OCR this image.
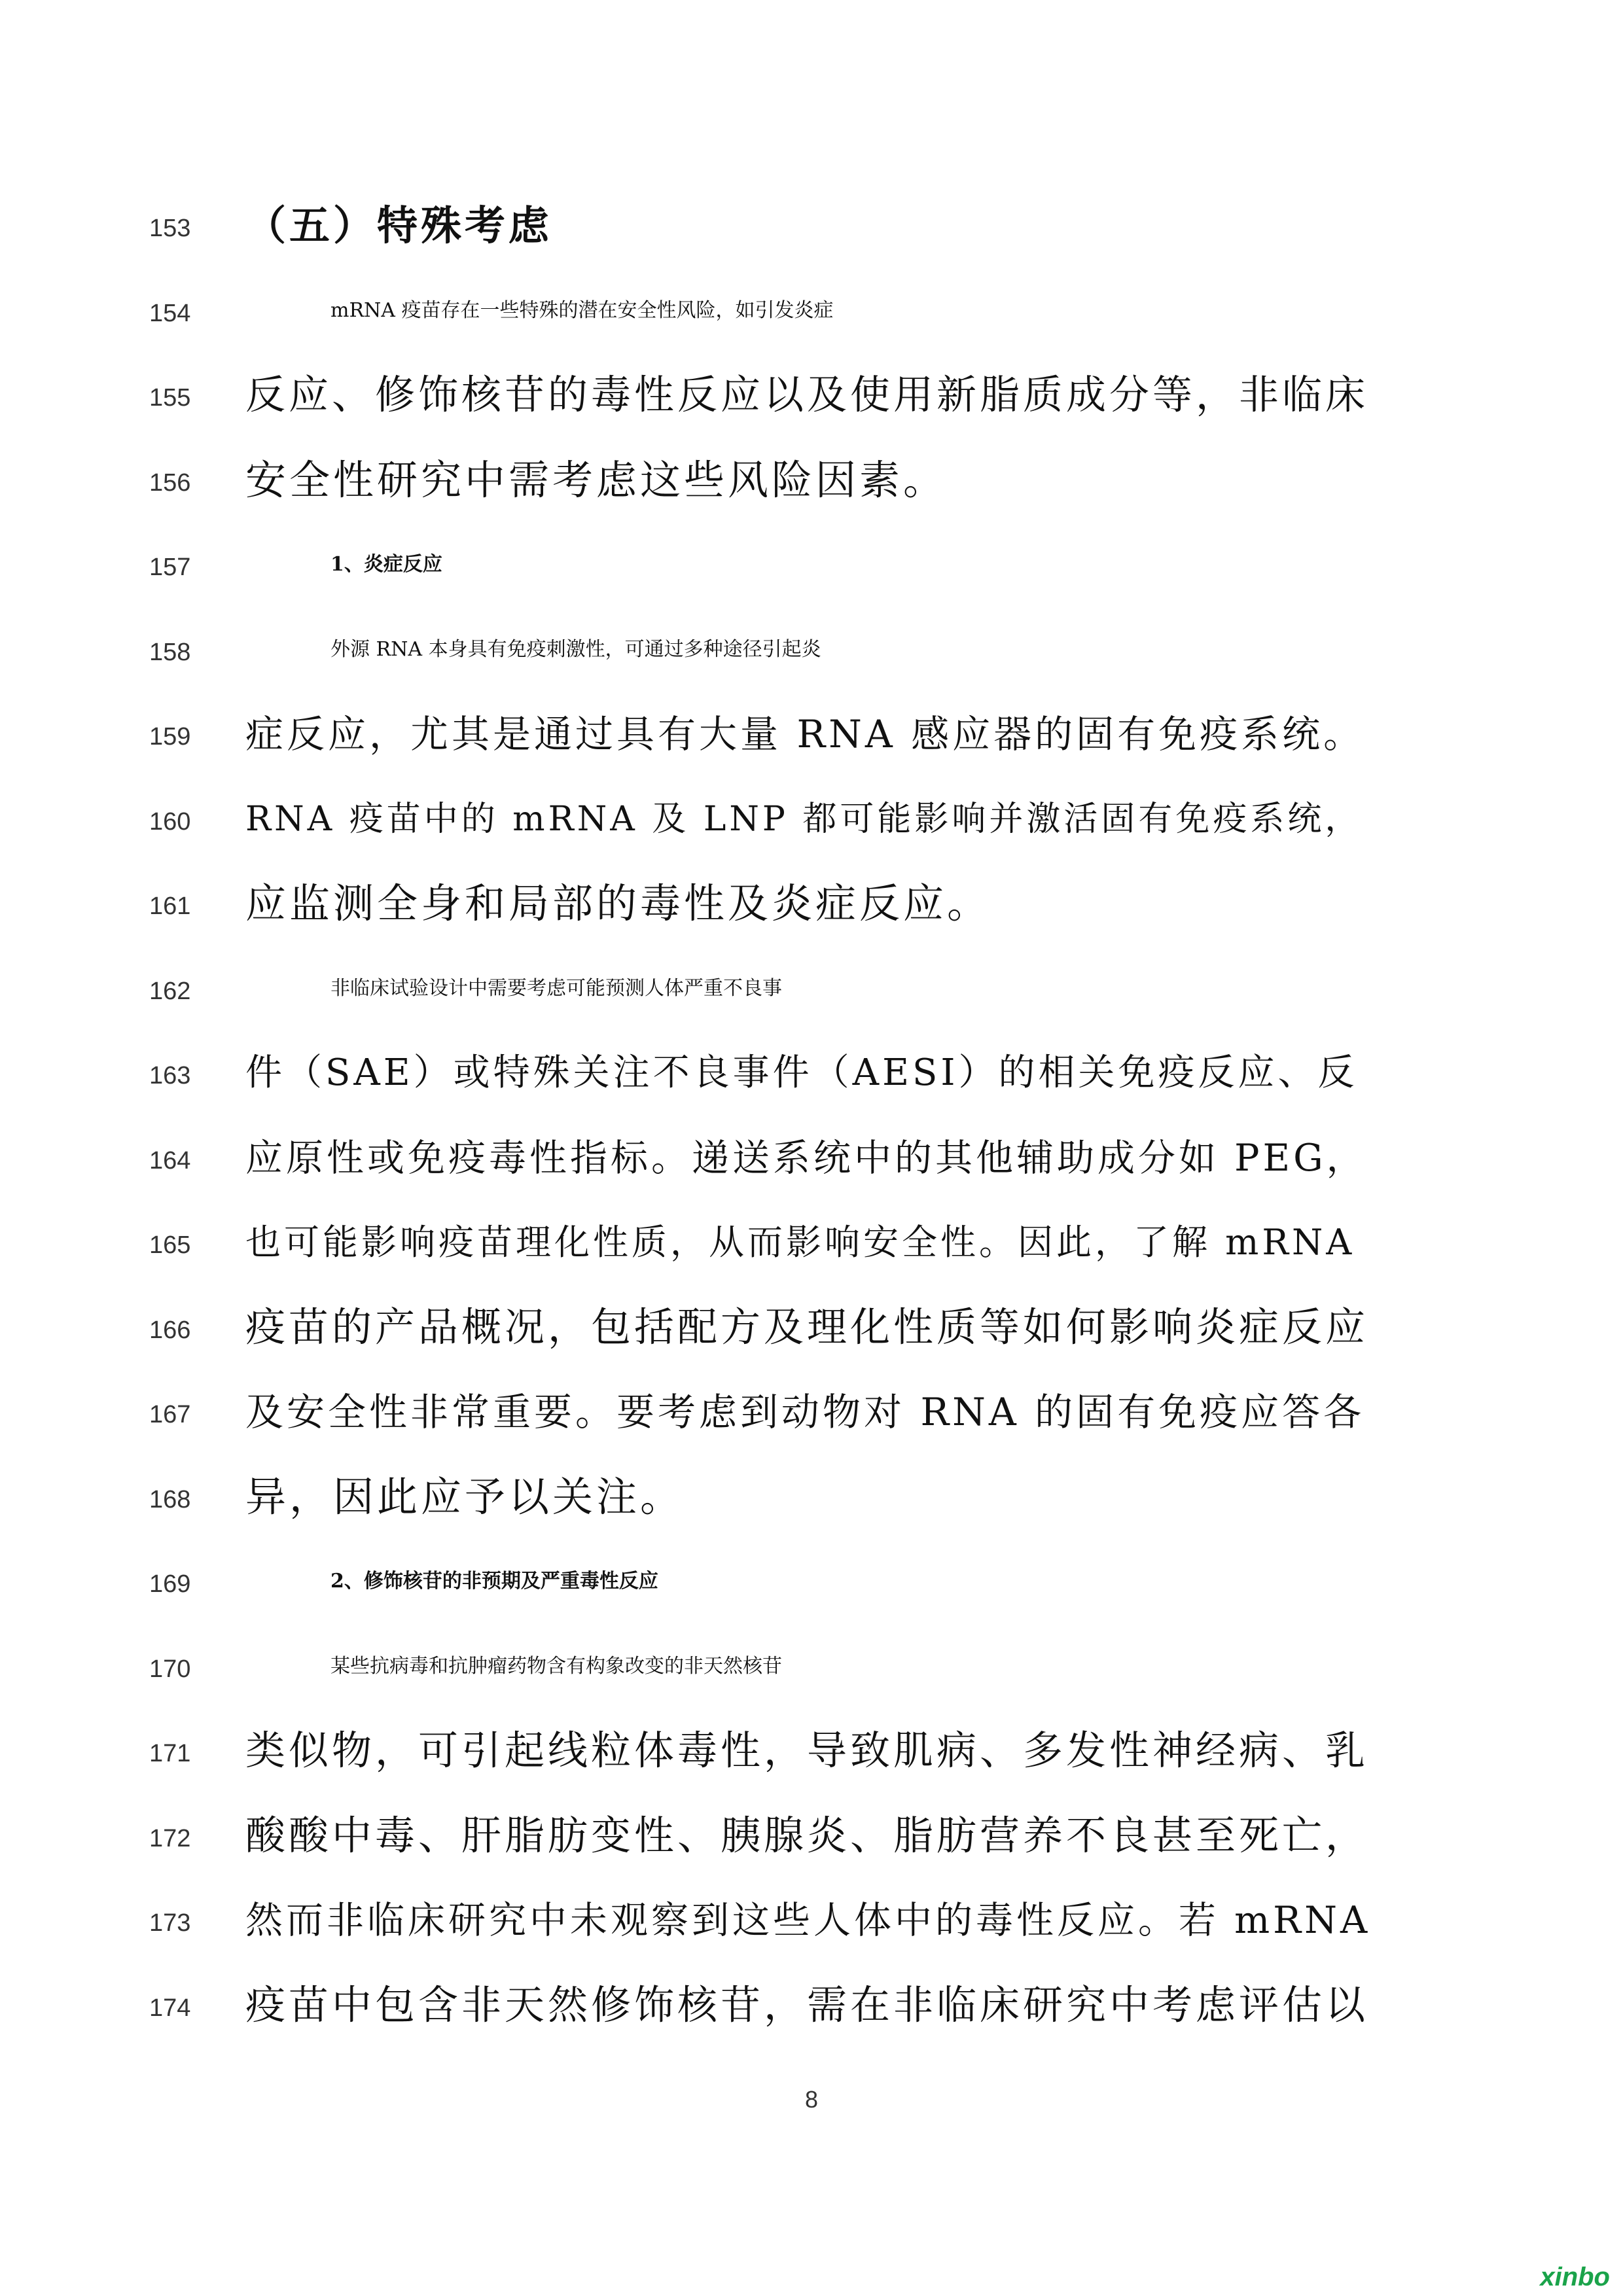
153	（五）特殊考虑
154	mRNA 疫苗存在一些特殊的潜在安全性风险，如引发炎症
155	反应、修饰核苷的毒性反应以及使用新脂质成分等，非临床
156	安全性研究中需考虑这些风险因素。
157	1、炎症反应
158	外源 RNA 本身具有免疫刺激性，可通过多种途径引起炎
159	症反应，尤其是通过具有大量 RNA 感应器的固有免疫系统。
160	RNA 疫苗中的 mRNA 及 LNP 都可能影响并激活固有免疫系统，
161	应监测全身和局部的毒性及炎症反应。
162	非临床试验设计中需要考虑可能预测人体严重不良事
163	件（SAE）或特殊关注不良事件（AESI）的相关免疫反应、反
164	应原性或免疫毒性指标。递送系统中的其他辅助成分如 PEG，
165	也可能影响疫苗理化性质，从而影响安全性。因此，了解 mRNA
166	疫苗的产品概况，包括配方及理化性质等如何影响炎症反应
167	及安全性非常重要。要考虑到动物对 RNA 的固有免疫应答各
168	异，因此应予以关注。
169	2、修饰核苷的非预期及严重毒性反应
170	某些抗病毒和抗肿瘤药物含有构象改变的非天然核苷
171	类似物，可引起线粒体毒性，导致肌病、多发性神经病、乳
172	酸酸中毒、肝脂肪变性、胰腺炎、脂肪营养不良甚至死亡，
173	然而非临床研究中未观察到这些人体中的毒性反应。若 mRNA
174	疫苗中包含非天然修饰核苷，需在非临床研究中考虑评估以
8
xinbo
